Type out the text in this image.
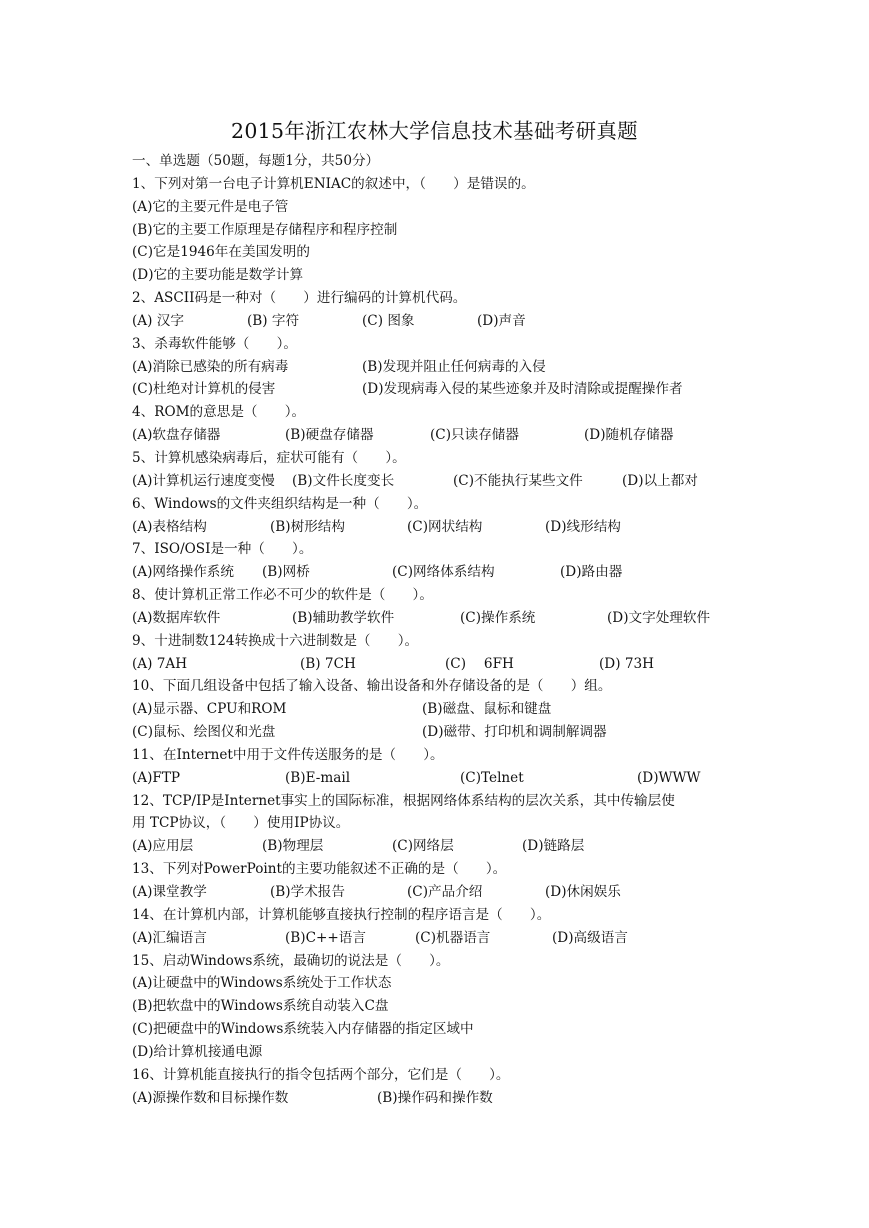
2015年浙江农林大学信息技术基础考研真题
一、单选题（50题，每题1分，共50分）
1、下列对第一台电子计算机ENIAC的叙述中，（　　）是错误的。
(A)它的主要元件是电子管
(B)它的主要工作原理是存储程序和程序控制
(C)它是1946年在美国发明的
(D)它的主要功能是数学计算
2、ASCII码是一种对（　　）进行编码的计算机代码。
(A) 汉字	(B) 字符	(C) 图象	(D)声音
3、杀毒软件能够（　　）。
(A)消除已感染的所有病毒	(B)发现并阻止任何病毒的入侵
(C)杜绝对计算机的侵害	(D)发现病毒入侵的某些迹象并及时清除或提醒操作者
4、ROM的意思是（　　）。
(A)软盘存储器	(B)硬盘存储器	(C)只读存储器	(D)随机存储器
5、计算机感染病毒后，症状可能有（　　）。
(A)计算机运行速度变慢 (B)文件长度变长	(C)不能执行某些文件	(D)以上都对
6、Windows的文件夹组织结构是一种（　　）。
(A)表格结构	(B)树形结构	(C)网状结构	(D)线形结构
7、ISO/OSI是一种（　　）。
(A)网络操作系统 (B)网桥	(C)网络体系结构	(D)路由器
8、使计算机正常工作必不可少的软件是（　　）。
(A)数据库软件	(B)辅助教学软件	(C)操作系统	(D)文字处理软件
9、十进制数124转换成十六进制数是（　　）。
(A) 7AH	(B) 7CH	(C)　 6FH	(D) 73H
10、下面几组设备中包括了输入设备、输出设备和外存储设备的是（　　）组。
(A)显示器、CPU和ROM	(B)磁盘、鼠标和键盘
(C)鼠标、绘图仪和光盘	(D)磁带、打印机和调制解调器
11、在Internet中用于文件传送服务的是（　　）。
(A)FTP	(B)E-mail	(C)Telnet	(D)WWW
12、TCP/IP是Internet事实上的国际标准，根据网络体系结构的层次关系，其中传输层使
用 TCP协议，（　　）使用IP协议。
(A)应用层	(B)物理层	(C)网络层	(D)链路层
13、下列对PowerPoint的主要功能叙述不正确的是（　　）。
(A)课堂教学	(B)学术报告	(C)产品介绍	(D)休闲娱乐
14、在计算机内部，计算机能够直接执行控制的程序语言是（　　）。
(A)汇编语言	(B)C++语言	(C)机器语言	(D)高级语言
15、启动Windows系统，最确切的说法是（　　）。
(A)让硬盘中的Windows系统处于工作状态
(B)把软盘中的Windows系统自动装入C盘
(C)把硬盘中的Windows系统装入内存储器的指定区域中
(D)给计算机接通电源
16、计算机能直接执行的指令包括两个部分，它们是（　　）。
(A)源操作数和目标操作数	(B)操作码和操作数
